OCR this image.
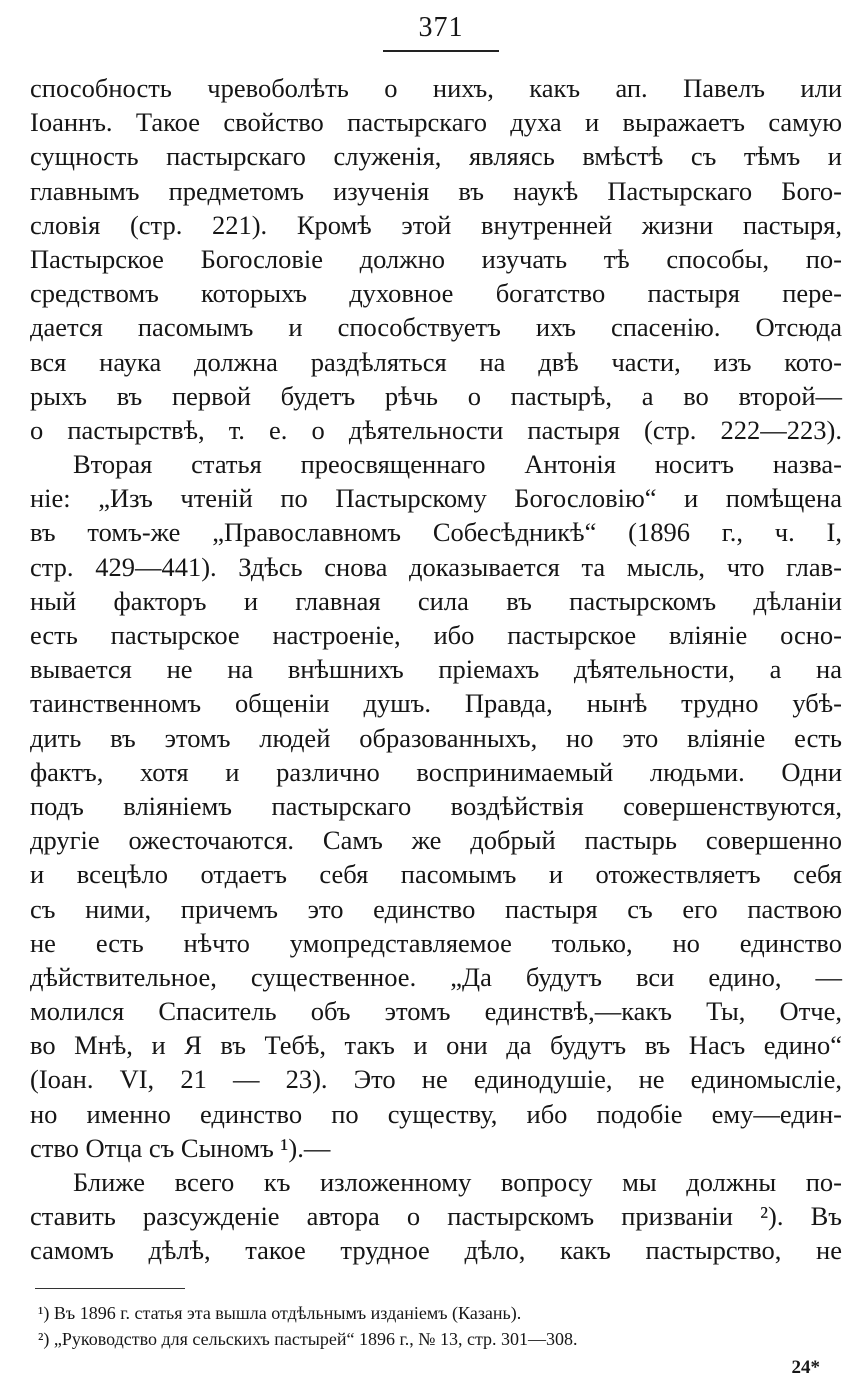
371
способность чревоболѣть о нихъ, какъ ап. Павелъ или
Іоаннъ. Такое свойство пастырскаго духа и выражаетъ самую
сущность пастырскаго служенія, являясь вмѣстѣ съ тѣмъ и
главнымъ предметомъ изученія въ наукѣ Пастырскаго Бого-
словія (стр. 221). Кромѣ этой внутренней жизни пастыря,
Пастырское Богословіе должно изучать тѣ способы, по-
средствомъ которыхъ духовное богатство пастыря пере-
дается пасомымъ и способствуетъ ихъ спасенію. Отсюда
вся наука должна раздѣляться на двѣ части, изъ кото-
рыхъ въ первой будетъ рѣчь о пастырѣ, а во второй—
о пастырствѣ, т. е. о дѣятельности пастыря (стр. 222—223).
Вторая статья преосвященнаго Антонія носитъ назва-
ніе: „Изъ чтеній по Пастырскому Богословію“ и помѣщена
въ томъ-же „Православномъ Собесѣдникѣ“ (1896 г., ч. I,
стр. 429—441). Здѣсь снова доказывается та мысль, что глав-
ный факторъ и главная сила въ пастырскомъ дѣланіи
есть пастырское настроеніе, ибо пастырское вліяніе осно-
вывается не на внѣшнихъ пріемахъ дѣятельности, а на
таинственномъ общеніи душъ. Правда, нынѣ трудно убѣ-
дить въ этомъ людей образованныхъ, но это вліяніе есть
фактъ, хотя и различно воспринимаемый людьми. Одни
подъ вліяніемъ пастырскаго воздѣйствія совершенствуются,
другіе ожесточаются. Самъ же добрый пастырь совершенно
и всецѣло отдаетъ себя пасомымъ и отожествляетъ себя
съ ними, причемъ это единство пастыря съ его паствою
не есть нѣчто умопредставляемое только, но единство
дѣйствительное, существенное. „Да будутъ вси едино, —
молился Спаситель объ этомъ единствѣ,—какъ Ты, Отче,
во Мнѣ, и Я въ Тебѣ, такъ и они да будутъ въ Насъ едино“
(Іоан. VI, 21 — 23). Это не единодушіе, не единомысліе,
но именно единство по существу, ибо подобіе ему—един-
ство Отца съ Сыномъ ¹).—
Ближе всего къ изложенному вопросу мы должны по-
ставить разсужденіе автора о пастырскомъ призваніи ²). Въ
самомъ дѣлѣ, такое трудное дѣло, какъ пастырство, не
¹) Въ 1896 г. статья эта вышла отдѣльнымъ изданіемъ (Казань).
²) „Руководство для сельскихъ пастырей“ 1896 г., № 13, стр. 301—308.
24*
